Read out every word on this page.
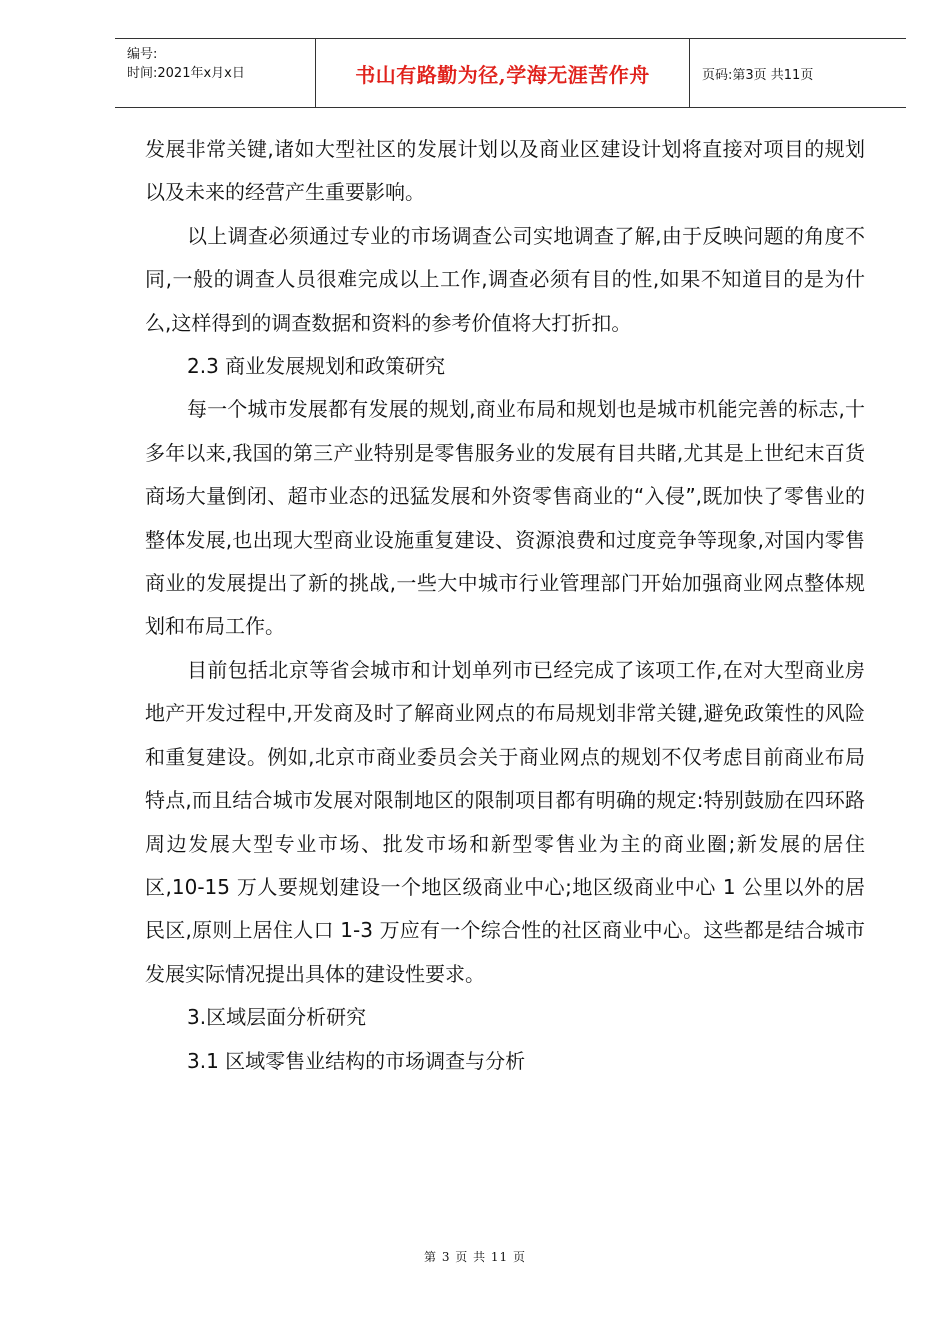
编号:
时间:2021年x月x日	书山有路勤为径,学海无涯苦作舟	页码:第3页 共11页

发展非常关键,诸如大型社区的发展计划以及商业区建设计划将直接对项目的规划以及未来的经营产生重要影响。

以上调查必须通过专业的市场调查公司实地调查了解,由于反映问题的角度不同,一般的调查人员很难完成以上工作,调查必须有目的性,如果不知道目的是为什么,这样得到的调查数据和资料的参考价值将大打折扣。

2.3 商业发展规划和政策研究

每一个城市发展都有发展的规划,商业布局和规划也是城市机能完善的标志,十多年以来,我国的第三产业特别是零售服务业的发展有目共睹,尤其是上世纪末百货商场大量倒闭、超市业态的迅猛发展和外资零售商业的“入侵”,既加快了零售业的整体发展,也出现大型商业设施重复建设、资源浪费和过度竞争等现象,对国内零售商业的发展提出了新的挑战,一些大中城市行业管理部门开始加强商业网点整体规划和布局工作。

目前包括北京等省会城市和计划单列市已经完成了该项工作,在对大型商业房地产开发过程中,开发商及时了解商业网点的布局规划非常关键,避免政策性的风险和重复建设。例如,北京市商业委员会关于商业网点的规划不仅考虑目前商业布局特点,而且结合城市发展对限制地区的限制项目都有明确的规定:特别鼓励在四环路周边发展大型专业市场、批发市场和新型零售业为主的商业圈;新发展的居住区,10-15 万人要规划建设一个地区级商业中心;地区级商业中心 1 公里以外的居民区,原则上居住人口 1-3 万应有一个综合性的社区商业中心。这些都是结合城市发展实际情况提出具体的建设性要求。

3.区域层面分析研究

3.1 区域零售业结构的市场调查与分析

第 3 页 共 11 页
